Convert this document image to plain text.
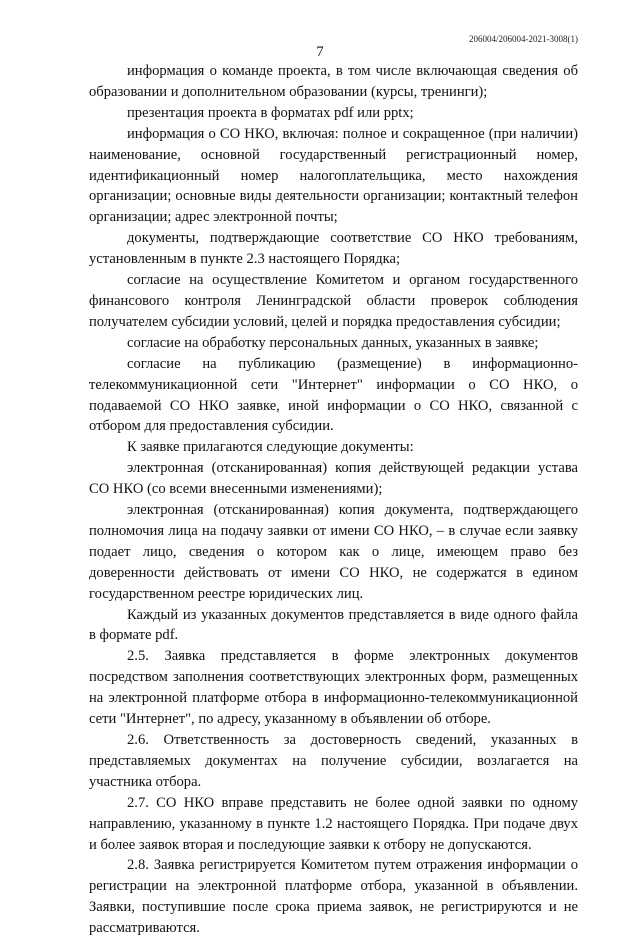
206004/206004-2021-3008(1)
7

информация о команде проекта, в том числе включающая сведения об образовании и дополнительном образовании (курсы, тренинги);

презентация проекта в форматах pdf или pptx;

информация о СО НКО, включая: полное и сокращенное (при наличии) наименование, основной государственный регистрационный номер, идентификационный номер налогоплательщика, место нахождения организации; основные виды деятельности организации; контактный телефон организации; адрес электронной почты;

документы, подтверждающие соответствие СО НКО требованиям, установленным в пункте 2.3 настоящего Порядка;

согласие на осуществление Комитетом и органом государственного финансового контроля Ленинградской области проверок соблюдения получателем субсидии условий, целей и порядка предоставления субсидии;

согласие на обработку персональных данных, указанных в заявке;

согласие на публикацию (размещение) в информационно-телекоммуникационной сети "Интернет" информации о СО НКО, о подаваемой СО НКО заявке, иной информации о СО НКО, связанной с отбором для предоставления субсидии.

К заявке прилагаются следующие документы:

электронная (отсканированная) копия действующей редакции устава СО НКО (со всеми внесенными изменениями);

электронная (отсканированная) копия документа, подтверждающего полномочия лица на подачу заявки от имени СО НКО, – в случае если заявку подает лицо, сведения о котором как о лице, имеющем право без доверенности действовать от имени СО НКО, не содержатся в едином государственном реестре юридических лиц.

Каждый из указанных документов представляется в виде одного файла в формате pdf.

2.5. Заявка представляется в форме электронных документов посредством заполнения соответствующих электронных форм, размещенных на электронной платформе отбора в информационно-телекоммуникационной сети "Интернет", по адресу, указанному в объявлении об отборе.

2.6. Ответственность за достоверность сведений, указанных в представляемых документах на получение субсидии, возлагается на участника отбора.

2.7. СО НКО вправе представить не более одной заявки по одному направлению, указанному в пункте 1.2 настоящего Порядка. При подаче двух и более заявок вторая и последующие заявки к отбору не допускаются.

2.8. Заявка регистрируется Комитетом путем отражения информации о регистрации на электронной платформе отбора, указанной в объявлении. Заявки, поступившие после срока приема заявок, не регистрируются и не рассматриваются.
